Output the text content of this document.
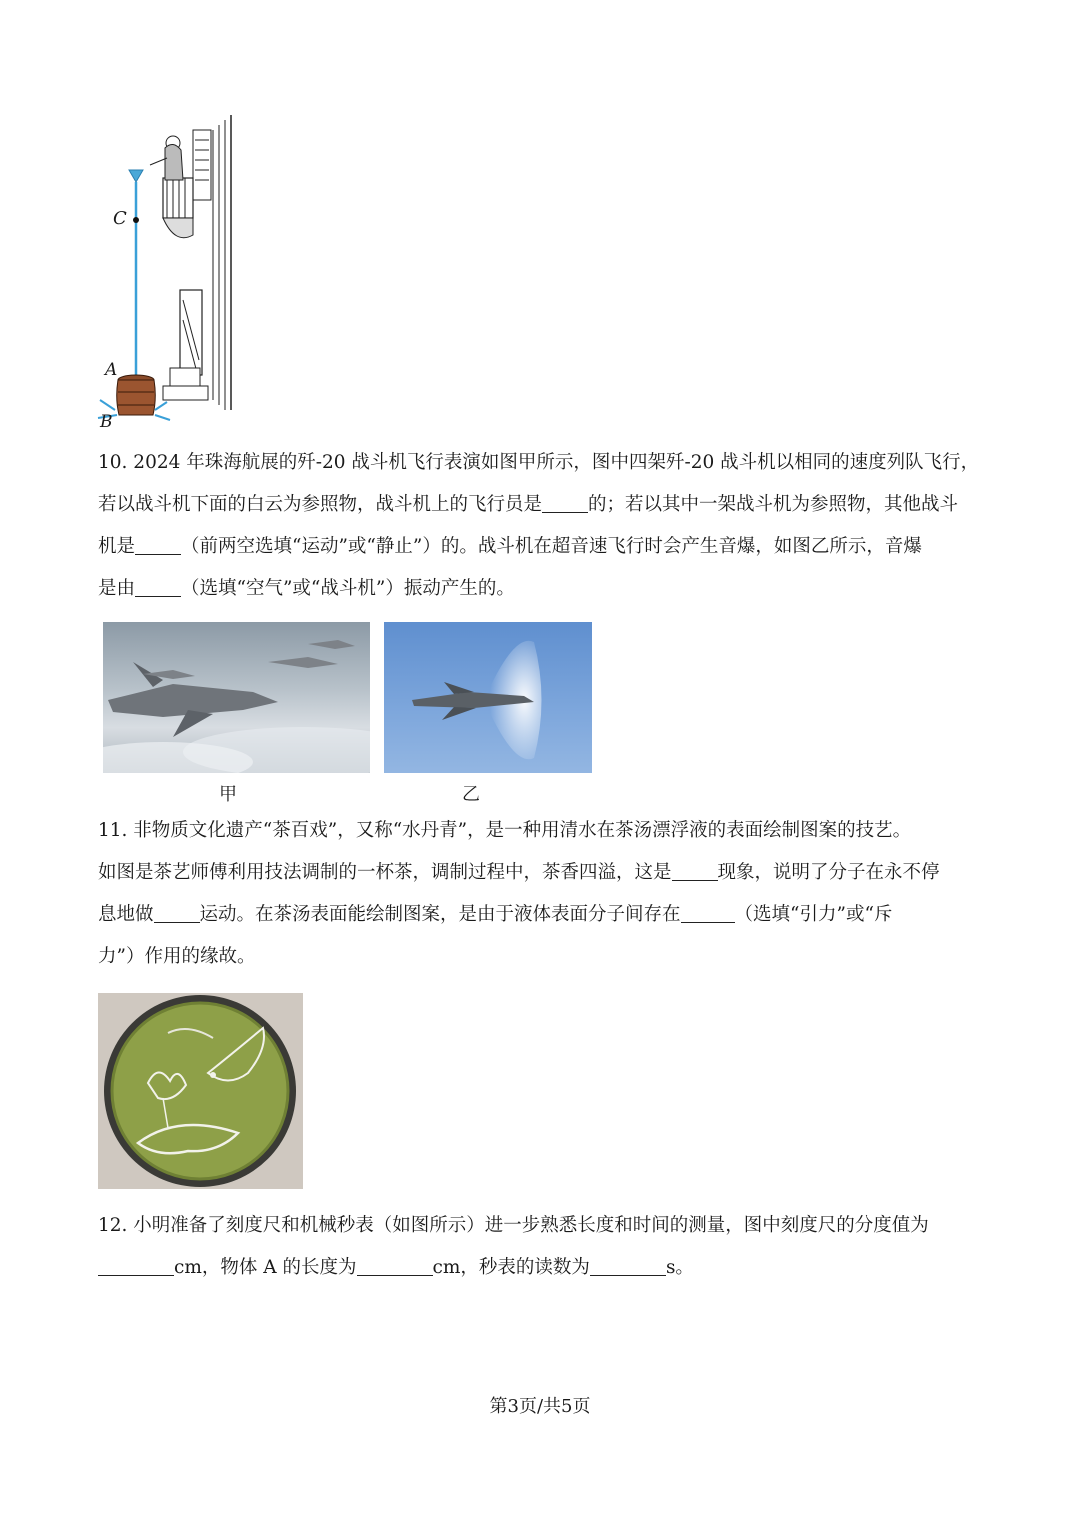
C
A
B
10. 2024 年珠海航展的歼-20 战斗机飞行表演如图甲所示，图中四架歼-20 战斗机以相同的速度列队飞行，
若以战斗机下面的白云为参照物，战斗机上的飞行员是 的；若以其中一架战斗机为参照物，其他战斗
机是 （前两空选填“运动”或“静止”）的。战斗机在超音速飞行时会产生音爆，如图乙所示，音爆
是由 （选填“空气”或“战斗机”）振动产生的。
甲	乙
11. 非物质文化遗产“茶百戏”，又称“水丹青”，是一种用清水在茶汤漂浮液的表面绘制图案的技艺。
如图是茶艺师傅利用技法调制的一杯茶，调制过程中，茶香四溢，这是 现象，说明了分子在永不停
息地做 运动。在茶汤表面能绘制图案，是由于液体表面分子间存在	（选填“引力”或“斥
力”）作用的缘故。
12. 小明准备了刻度尺和机械秒表（如图所示）进一步熟悉长度和时间的测量，图中刻度尺的分度值为
cm，物体 A 的长度为	cm，秒表的读数为	s。
第3页/共5页
